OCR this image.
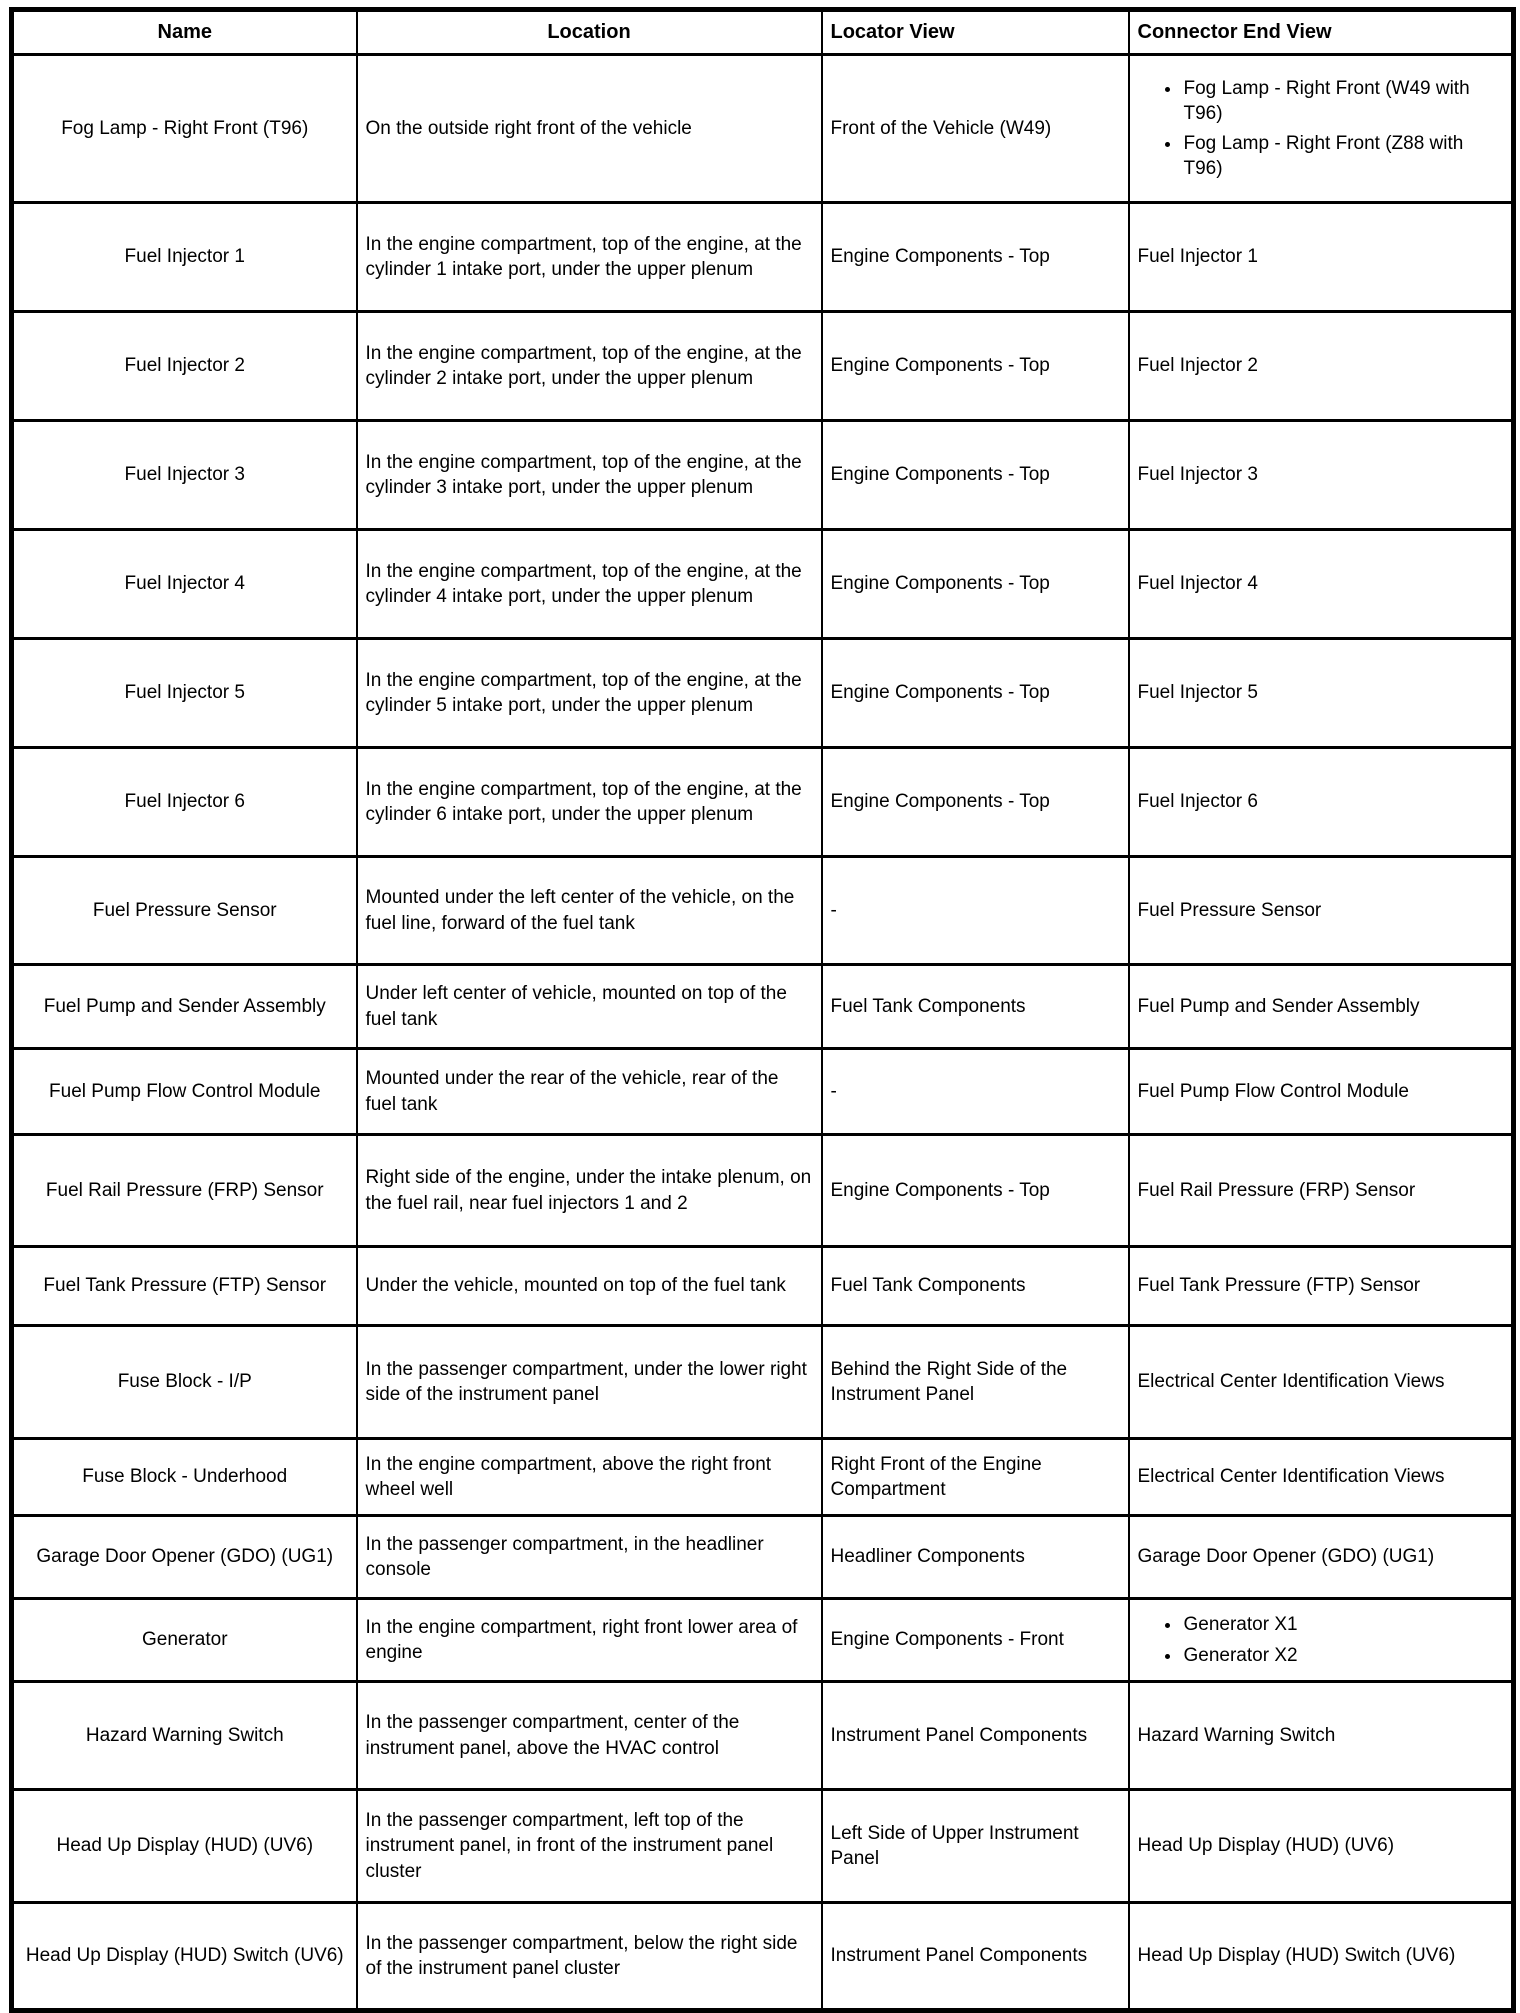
Name	Location	Locator View	Connector End View
Fog Lamp - Right Front (T96)	On the outside right front of the vehicle	Front of the Vehicle (W49)	
• Fog Lamp - Right Front (W49 with T96)
• Fog Lamp - Right Front (Z88 with T96)

Fuel Injector 1	In the engine compartment, top of the engine, at the cylinder 1 intake port, under the upper plenum	Engine Components - Top	Fuel Injector 1
Fuel Injector 2	In the engine compartment, top of the engine, at the cylinder 2 intake port, under the upper plenum	Engine Components - Top	Fuel Injector 2
Fuel Injector 3	In the engine compartment, top of the engine, at the cylinder 3 intake port, under the upper plenum	Engine Components - Top	Fuel Injector 3
Fuel Injector 4	In the engine compartment, top of the engine, at the cylinder 4 intake port, under the upper plenum	Engine Components - Top	Fuel Injector 4
Fuel Injector 5	In the engine compartment, top of the engine, at the cylinder 5 intake port, under the upper plenum	Engine Components - Top	Fuel Injector 5
Fuel Injector 6	In the engine compartment, top of the engine, at the cylinder 6 intake port, under the upper plenum	Engine Components - Top	Fuel Injector 6
Fuel Pressure Sensor	Mounted under the left center of the vehicle, on the fuel line, forward of the fuel tank	-	Fuel Pressure Sensor
Fuel Pump and Sender Assembly	Under left center of vehicle, mounted on top of the fuel tank	Fuel Tank Components	Fuel Pump and Sender Assembly
Fuel Pump Flow Control Module	Mounted under the rear of the vehicle, rear of the fuel tank	-	Fuel Pump Flow Control Module
Fuel Rail Pressure (FRP) Sensor	Right side of the engine, under the intake plenum, on the fuel rail, near fuel injectors 1 and 2	Engine Components - Top	Fuel Rail Pressure (FRP) Sensor
Fuel Tank Pressure (FTP) Sensor	Under the vehicle, mounted on top of the fuel tank	Fuel Tank Components	Fuel Tank Pressure (FTP) Sensor
Fuse Block - I/P	In the passenger compartment, under the lower right side of the instrument panel	Behind the Right Side of the Instrument Panel	Electrical Center Identification Views
Fuse Block - Underhood	In the engine compartment, above the right front wheel well	Right Front of the Engine Compartment	Electrical Center Identification Views
Garage Door Opener (GDO) (UG1)	In the passenger compartment, in the headliner console	Headliner Components	Garage Door Opener (GDO) (UG1)
Generator	In the engine compartment, right front lower area of engine	Engine Components - Front	
• Generator X1
• Generator X2

Hazard Warning Switch	In the passenger compartment, center of the instrument panel, above the HVAC control	Instrument Panel Components	Hazard Warning Switch
Head Up Display (HUD) (UV6)	In the passenger compartment, left top of the instrument panel, in front of the instrument panel cluster	Left Side of Upper Instrument Panel	Head Up Display (HUD) (UV6)
Head Up Display (HUD) Switch (UV6)	In the passenger compartment, below the right side of the instrument panel cluster	Instrument Panel Components	Head Up Display (HUD) Switch (UV6)
